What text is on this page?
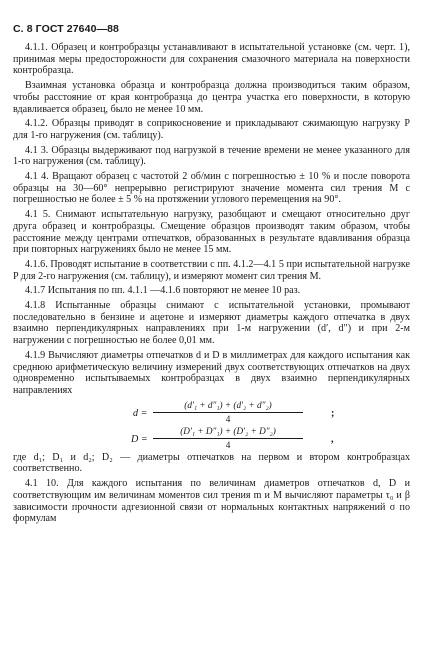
С. 8 ГОСТ 27640—88

4.1.1. Образец и контробразцы устанавливают в испытательной установке (см. черт. 1), принимая меры предосторожности для сохранения смазочного материала на поверхности контробразца.

Взаимная установка образца и контробразца должна производиться таким образом, чтобы расстояние от края контробразца до центра участка его поверхности, в которую вдавливается образец, было не менее 10 мм.

4.1.2. Образцы приводят в соприкосновение и прикладывают сжимающую нагрузку P для 1-го нагружения (см. таблицу).

4.1 3. Образцы выдерживают под нагрузкой в течение времени не менее указанного для 1-го нагружения (см. таблицу).

4.1 4. Вращают образец с частотой 2 об/мин с погрешностью ± 10 % и после поворота образцы на 30—60° непрерывно регистрируют значение момента сил трения M с погрешностью не более ± 5 % на протяжении углового перемещения на 90°.

4.1 5. Снимают испытательную нагрузку, разобщают и смещают относительно друг друга образец и контробразцы. Смещение образцов производят таким образом, чтобы расстояние между центрами отпечатков, образованных в результате вдавливания образца при повторных нагружениях было не менее 15 мм.

4.1.6. Проводят испытание в соответствии с пп. 4.1.2—4.1 5 при испытательной нагрузке P для 2-го нагружения (см. таблицу), и измеряют момент сил трения M.

4.1.7 Испытания по пп. 4.1.1 —4.1.6 повторяют не менее 10 раз.

4.1.8 Испытанные образцы снимают с испытательной установки, промывают последовательно в бензине и ацетоне и измеряют диаметры каждого отпечатка в двух взаимно перпендикулярных направлениях при 1-м нагружении (d′, d″) и при 2-м нагружении с погрешностью не более 0,01 мм.

4.1.9 Вычисляют диаметры отпечатков d и D в миллиметрах для каждого испытания как среднюю арифметическую величину измерений двух соответствующих отпечатков на двух одновременно испытываемых контробразцах в двух взаимно перпендикулярных направлениях

d =
(d′₁ + d″₁) + (d′₂ + d″₂)
4	;
D =
(D′₁ + D″₁) + (D′₂ + D″₂)
4	,

где d₁; D₁ и d₂; D₂ — диаметры отпечатков на первом и втором контробразцах соответственно.

4.1 10. Для каждого испытания по величинам диаметров отпечатков d, D и соответствующим им величинам моментов сил трения m и M вычисляют параметры τ₀ и β зависимости прочности адгезионной связи от нормальных контактных напряжений σ по формулам
